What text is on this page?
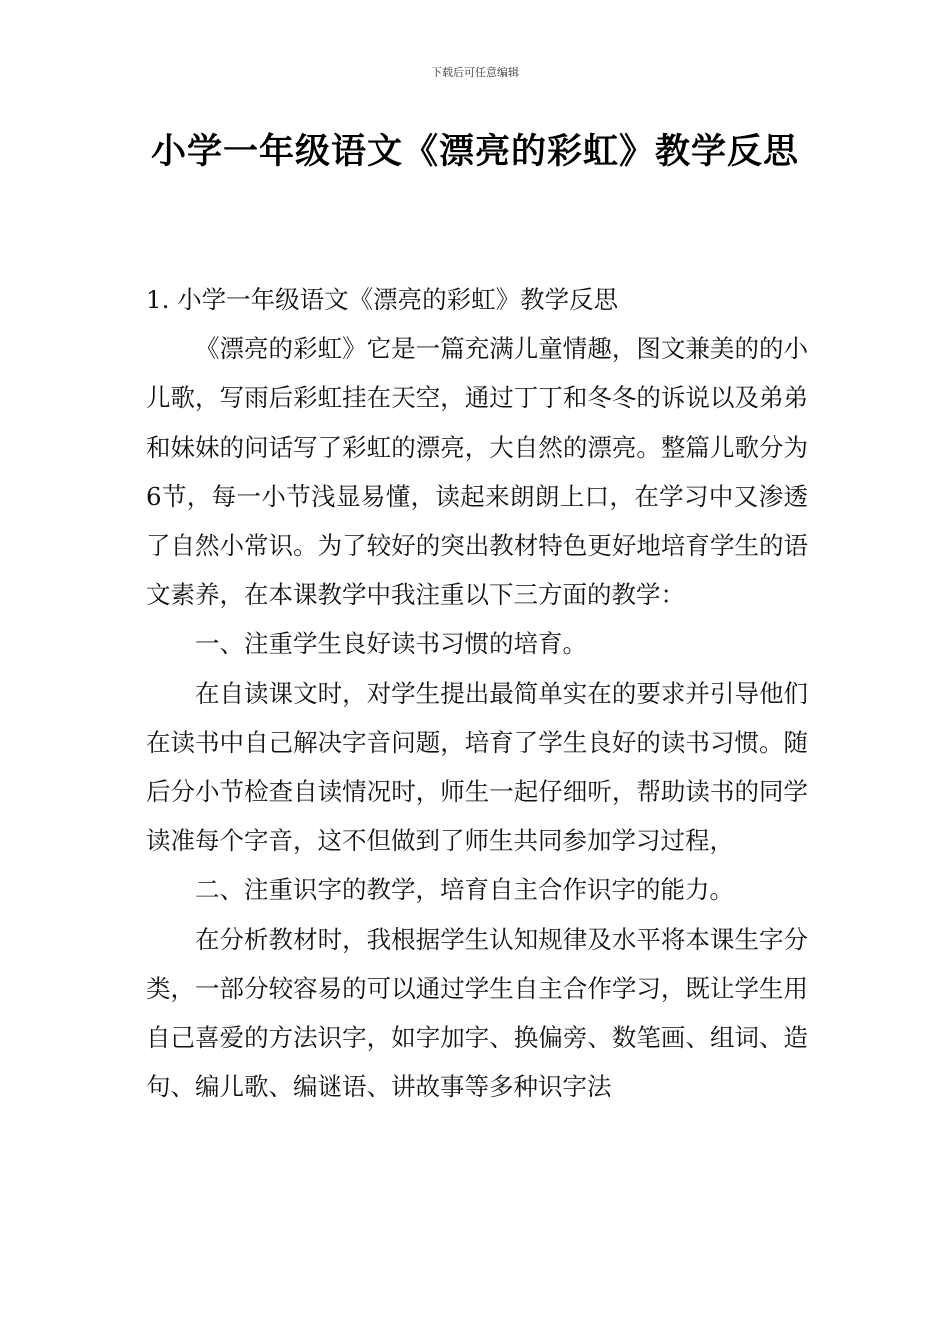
下载后可任意编辑
小学一年级语文《漂亮的彩虹》教学反思

1. 小学一年级语文《漂亮的彩虹》教学反思

《漂亮的彩虹》它是一篇充满儿童情趣，图文兼美的的小儿歌，写雨后彩虹挂在天空，通过丁丁和冬冬的诉说以及弟弟和妹妹的问话写了彩虹的漂亮，大自然的漂亮。整篇儿歌分为6节，每一小节浅显易懂，读起来朗朗上口，在学习中又渗透了自然小常识。为了较好的突出教材特色更好地培育学生的语文素养，在本课教学中我注重以下三方面的教学：

一、注重学生良好读书习惯的培育。

在自读课文时，对学生提出最简单实在的要求并引导他们在读书中自己解决字音问题，培育了学生良好的读书习惯。随后分小节检查自读情况时，师生一起仔细听，帮助读书的同学读准每个字音，这不但做到了师生共同参加学习过程，

二、注重识字的教学，培育自主合作识字的能力。

在分析教材时，我根据学生认知规律及水平将本课生字分类，一部分较容易的可以通过学生自主合作学习，既让学生用自己喜爱的方法识字，如字加字、换偏旁、数笔画、组词、造句、编儿歌、编谜语、讲故事等多种识字法
